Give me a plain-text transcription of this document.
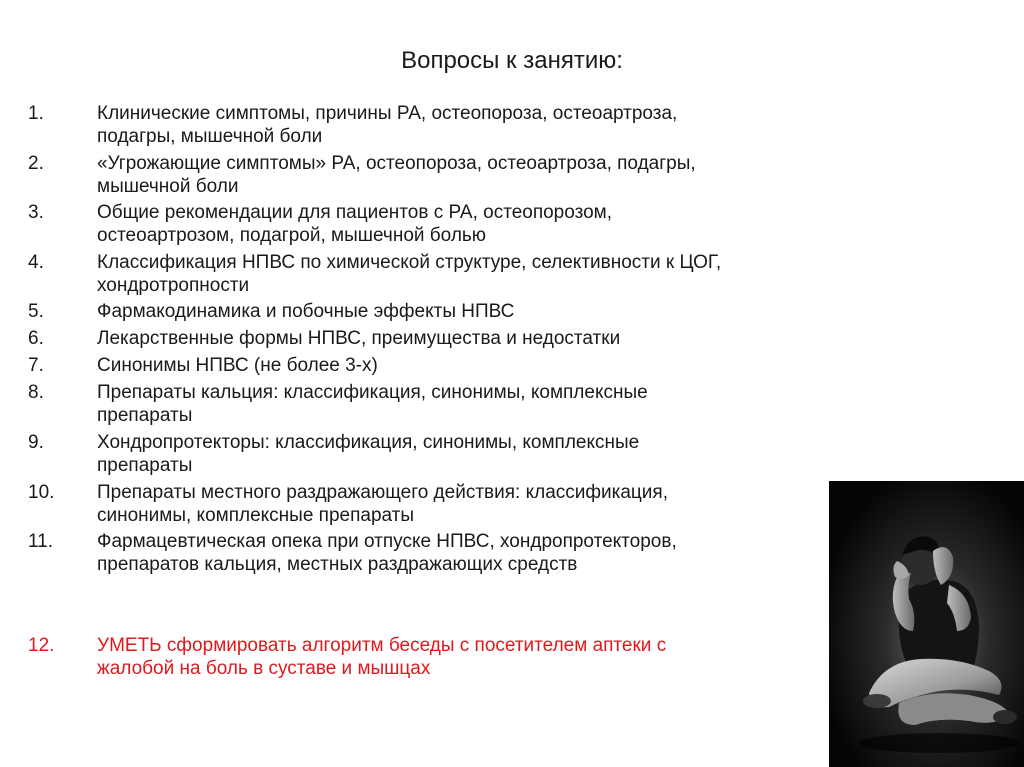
Вопросы к занятию:
1.	Клинические симптомы, причины РА, остеопороза, остеоартроза,
подагры, мышечной боли
2.	«Угрожающие симптомы» РА, остеопороза, остеоартроза, подагры,
мышечной боли
3.	Общие рекомендации для пациентов с РА, остеопорозом,
остеоартрозом, подагрой, мышечной болью
4.	Классификация НПВС по химической структуре, селективности к ЦОГ,
хондротропности
5.	Фармакодинамика и побочные эффекты НПВС
6.	Лекарственные формы НПВС, преимущества и недостатки
7.	Синонимы НПВС (не более 3-х)
8.	Препараты кальция: классификация, синонимы, комплексные
препараты
9.	Хондропротекторы: классификация, синонимы, комплексные
препараты
10.	Препараты местного раздражающего действия: классификация,
синонимы, комплексные препараты
11.	Фармацевтическая опека при отпуске НПВС, хондропротекторов,
препаратов кальция, местных раздражающих средств
12.	УМЕТЬ сформировать алгоритм беседы с посетителем аптеки с
жалобой на боль в суставе и мышцах
